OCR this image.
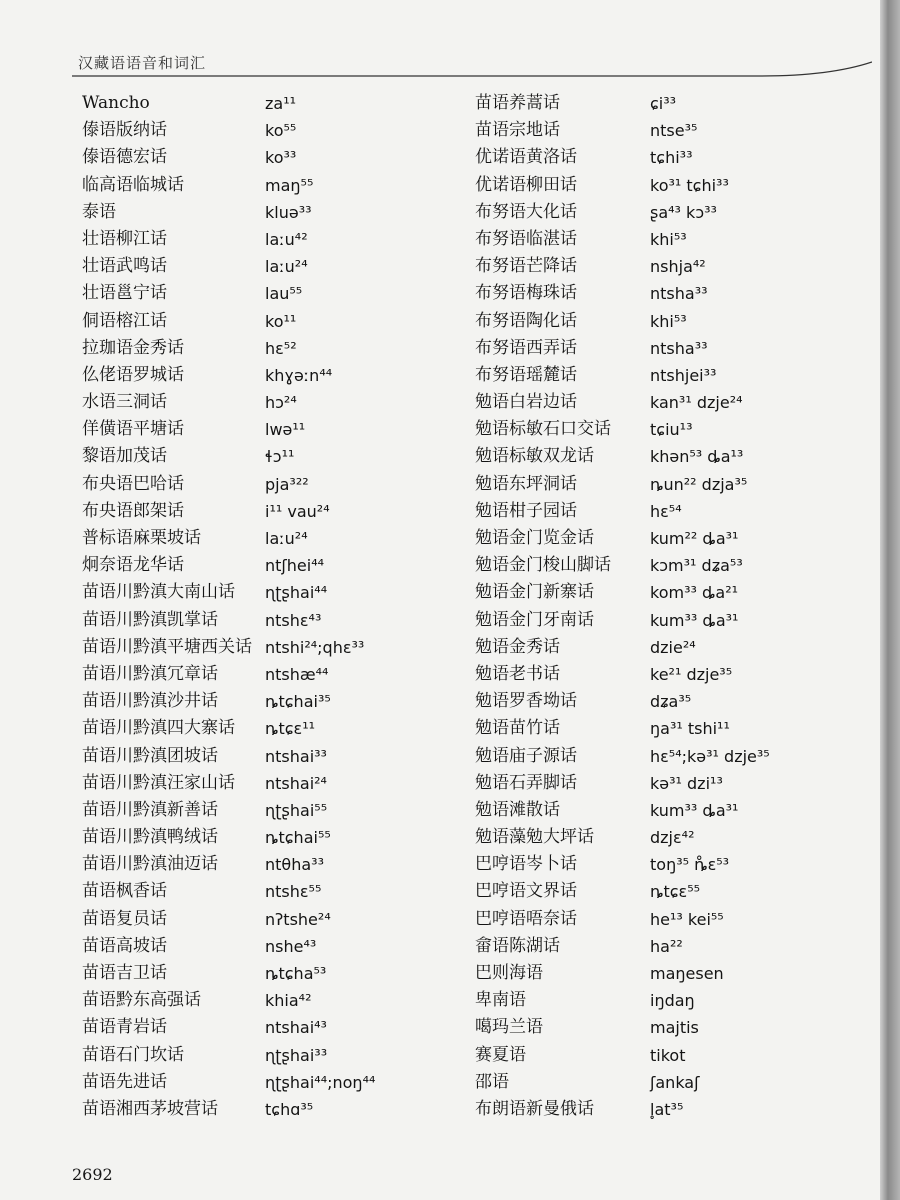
汉藏语语音和词汇
Wancho	za¹¹
傣语版纳话	ko⁵⁵
傣语德宏话	ko³³
临高语临城话	maŋ⁵⁵
泰语	kluə³³
壮语柳江话	laːu⁴²
壮语武鸣话	laːu²⁴
壮语邕宁话	lau⁵⁵
侗语榕江话	ko¹¹
拉珈语金秀话	hɛ⁵²
仫佬语罗城话	khɣəːn⁴⁴
水语三洞话	hɔ²⁴
佯僙语平塘话	lwə¹¹
黎语加茂话	ɬɔ¹¹
布央语巴哈话	pja³²²
布央语郎架话	i¹¹ vau²⁴
普标语麻栗坡话	laːu²⁴
炯奈语龙华话	ntʃhei⁴⁴
苗语川黔滇大南山话 ɳʈʂhai⁴⁴
苗语川黔滇凯掌话	ntshɛ⁴³
苗语川黔滇平塘西关话 ntshi²⁴;qhɛ³³
苗语川黔滇冗章话	ntshæ⁴⁴
苗语川黔滇沙井话	ȵtɕhai³⁵
苗语川黔滇四大寨话 ȵtɕɛ¹¹
苗语川黔滇团坡话	ntshai³³
苗语川黔滇汪家山话 ntshai²⁴
苗语川黔滇新善话	ɳʈʂhai⁵⁵
苗语川黔滇鸭绒话	ȵtɕhai⁵⁵
苗语川黔滇油迈话	ntθha³³
苗语枫香话	ntshɛ⁵⁵
苗语复员话	nʔtshe²⁴
苗语高坡话	nshe⁴³
苗语吉卫话	ȵtɕha⁵³
苗语黔东高强话	khia⁴²
苗语青岩话	ntshai⁴³
苗语石门坎话	ɳʈʂhai³³
苗语先进话	ɳʈʂhai⁴⁴;noŋ⁴⁴
苗语湘西茅坡营话	tɕhɑ³⁵
苗语养蒿话	ɕi³³
苗语宗地话	ntse³⁵
优诺语黄洛话	tɕhi³³
优诺语柳田话	ko³¹ tɕhi³³
布努语大化话	ʂa⁴³ kɔ³³
布努语临湛话	khi⁵³
布努语芒降话	nshja⁴²
布努语梅珠话	ntsha³³
布努语陶化话	khi⁵³
布努语西弄话	ntsha³³
布努语瑶麓话	ntshjei³³
勉语白岩边话	kan³¹ dzje²⁴
勉语标敏石口交话 tɕiu¹³
勉语标敏双龙话	khən⁵³ ȡa¹³
勉语东坪洞话	ȵun²² dzja³⁵
勉语柑子园话	hɛ⁵⁴
勉语金门览金话	kum²² ȡa³¹
勉语金门梭山脚话 kɔm³¹ dʑa⁵³
勉语金门新寨话	kom³³ ȡa²¹
勉语金门牙南话	kum³³ ȡa³¹
勉语金秀话	dzie²⁴
勉语老书话	ke²¹ dzje³⁵
勉语罗香坳话	dʑa³⁵
勉语苗竹话	ŋa³¹ tshi¹¹
勉语庙子源话	hɛ⁵⁴;kə³¹ dzje³⁵
勉语石弄脚话	kə³¹ dzi¹³
勉语滩散话	kum³³ ȡa³¹
勉语藻勉大坪话	dzjɛ⁴²
巴哼语岑卜话	toŋ³⁵ ȵ̊ɛ⁵³
巴哼语文界话	ȵtɕɛ⁵⁵
巴哼语唔奈话	he¹³ kei⁵⁵
畲语陈湖话	ha²²
巴则海语	maŋesen
卑南语	iŋdaŋ
噶玛兰语	majtis
赛夏语	tikot
邵语	ʃankaʃ
布朗语新曼俄话	l̥at³⁵
2692
